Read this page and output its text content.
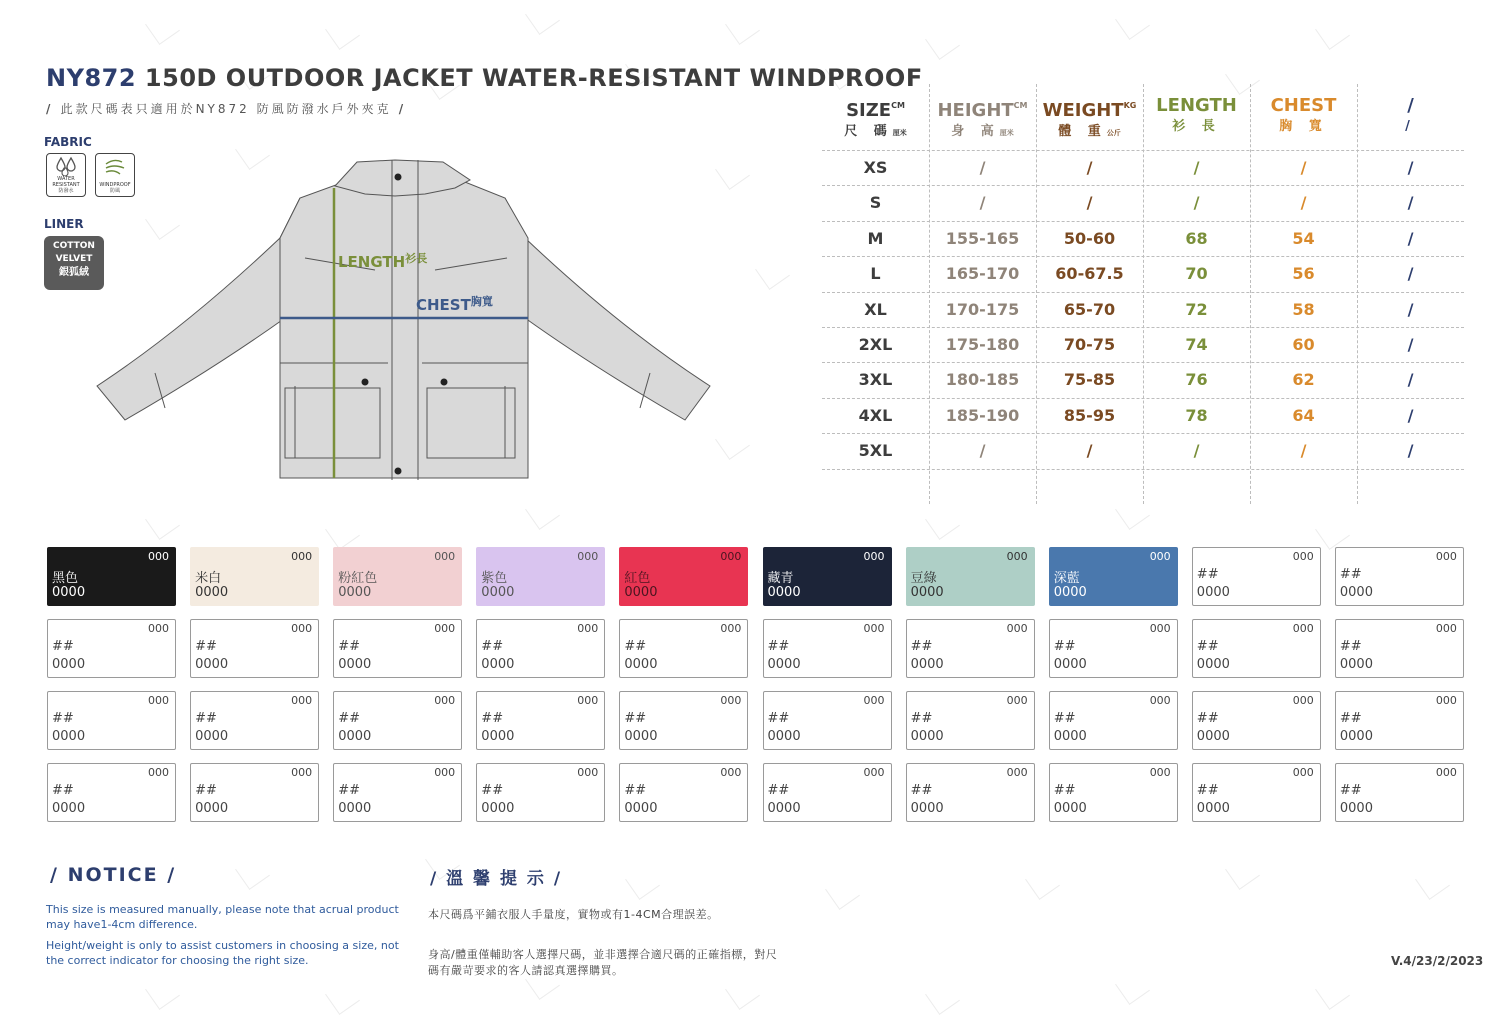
NY872 150D OUTDOOR JACKET WATER-RESISTANT WINDPROOF
/ 此款尺碼表只適用於NY872 防風防潑水戶外夾克 /
FABRIC
WATER RESISTANT
防潑水
WINDPROOF
防風
LINER
COTTON
VELVET
銀狐絨
$LENGTH^{衫長}$
$CHEST^{胸寬}$
$SIZE^{CM}$
尺 碼厘米
$HEIGHT^{CM}$
身 高厘米
$WEIGHT^{KG}$
體 重公斤
LENGTH
衫 長
CHEST
胸 寬
/
/
XS	/	/	/	/	/
S	/	/	/	/	/
M	155-165	50-60	68	54	/
L	165-170	60-67.5	70	56	/
XL	170-175	65-70	72	58	/
2XL	175-180	70-75	74	60	/
3XL	180-185	75-85	76	62	/
4XL	185-190	85-95	78	64	/
5XL	/	/	/	/	/
000
黑色
0000
000
米白
0000
000
粉紅色
0000
000
紫色
0000
000
紅色
0000
000
藏青
0000
000
豆綠
0000
000
深藍
0000
000
##
0000
000
##
0000
000
##
0000
000
##
0000
000
##
0000
000
##
0000
000
##
0000
000
##
0000
000
##
0000
000
##
0000
000
##
0000
000
##
0000
000
##
0000
000
##
0000
000
##
0000
000
##
0000
000
##
0000
000
##
0000
000
##
0000
000
##
0000
000
##
0000
000
##
0000
000
##
0000
000
##
0000
000
##
0000
000
##
0000
000
##
0000
000
##
0000
000
##
0000
000
##
0000
000
##
0000
000
##
0000
/ NOTICE /	/ 溫 馨 提 示 /
This size is measured manually, please note that acrual product may have1-4cm difference.
Height/weight is only to assist customers in choosing a size, not the correct indicator for choosing the right size.
本尺碼爲平鋪衣服人手量度，實物或有1-4CM合理誤差。
身高/體重僅輔助客人選擇尺碼，並非選擇合適尺碼的正確指標，對尺碼有嚴苛要求的客人請認真選擇購買。
V.4/23/2/2023
